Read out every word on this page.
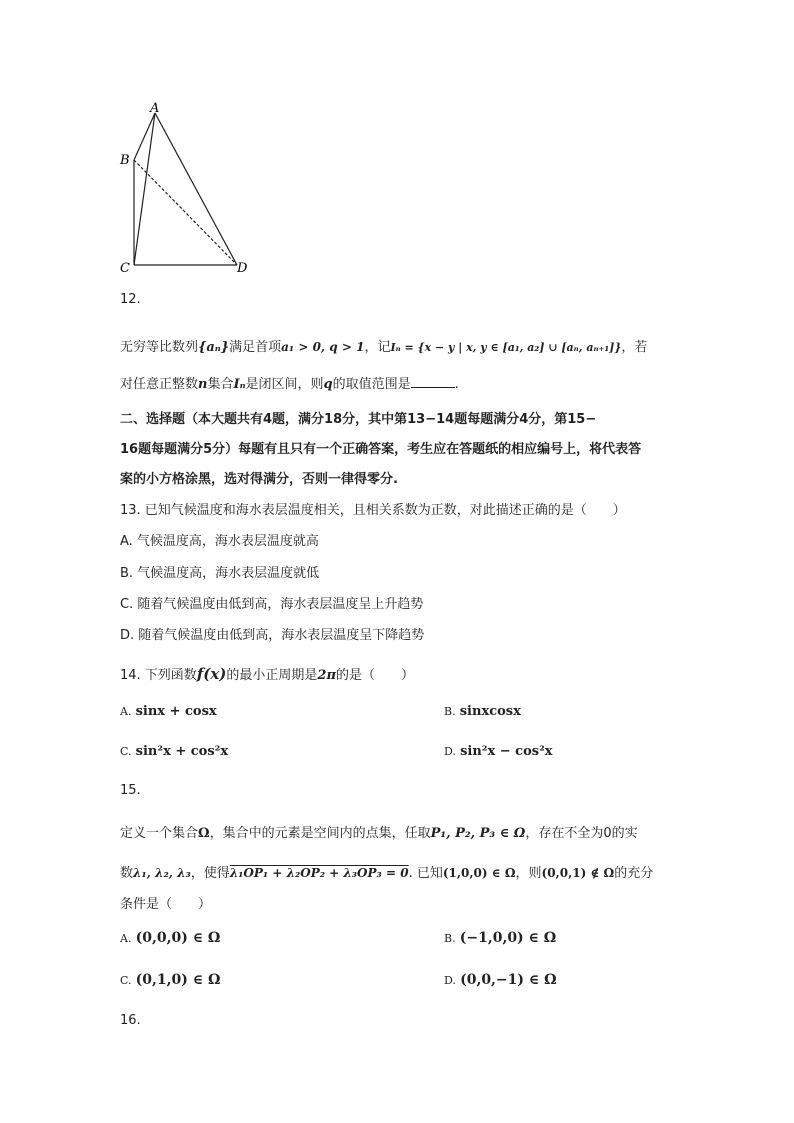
A
B
C	D
12.
无穷等比数列{aₙ}满足首项a₁ > 0, q > 1，记Iₙ = {x − y | x, y ∈ [a₁, a₂] ∪ [aₙ, aₙ₊₁]}，若
对任意正整数n集合Iₙ是闭区间，则q的取值范围是	.
二、选择题（本大题共有4题，满分18分，其中第13−14题每题满分4分，第15−
16题每题满分5分）每题有且只有一个正确答案，考生应在答题纸的相应编号上，将代表答
案的小方格涂黑，选对得满分，否则一律得零分.
13. 已知气候温度和海水表层温度相关，且相关系数为正数，对此描述正确的是（　　）
A. 气候温度高，海水表层温度就高
B. 气候温度高，海水表层温度就低
C. 随着气候温度由低到高，海水表层温度呈上升趋势
D. 随着气候温度由低到高，海水表层温度呈下降趋势
14. 下列函数f(x)的最小正周期是2π的是（　　）
A. sinx + cosx	B. sinxcosx
C. sin²x + cos²x	D. sin²x − cos²x
15.
定义一个集合Ω，集合中的元素是空间内的点集，任取P₁, P₂, P₃ ∈ Ω，存在不全为0的实
数λ₁, λ₂, λ₃，使得λ₁OP₁ + λ₂OP₂ + λ₃OP₃ = 0. 已知(1,0,0) ∈ Ω，则(0,0,1) ∉ Ω的充分
条件是（　　）
A. (0,0,0) ∈ Ω	B. (−1,0,0) ∈ Ω
C. (0,1,0) ∈ Ω	D. (0,0,−1) ∈ Ω
16.
